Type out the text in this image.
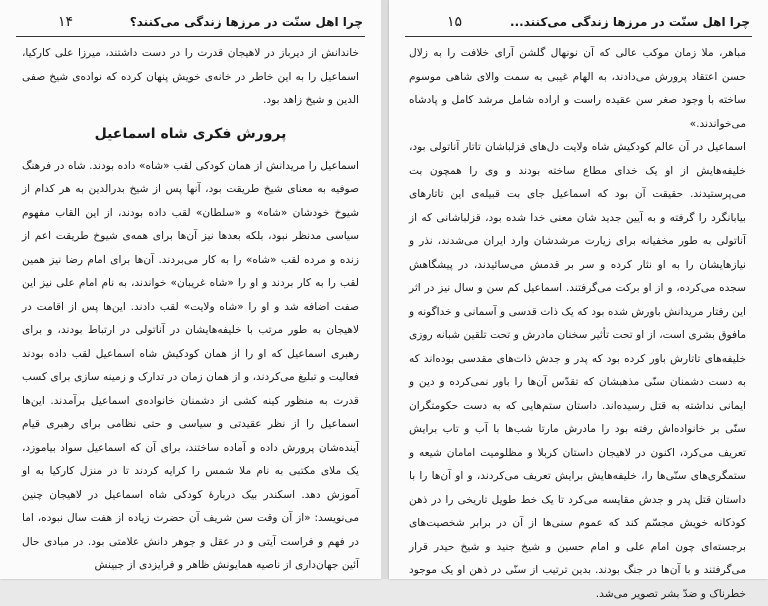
چرا اهل سنّت در مرزها زندگی می‌کنند؟
۱۴

خاندانش از دیرباز در لاهیجان قدرت را در دست داشتند، میرزا علی کارکیا، اسماعیل را به این خاطر در خانه‌ی خویش پنهان کرده که نواده‌ی شیخ صفی الدین و شیخ زاهد بود.

پرورش فکری شاه اسماعیل

اسماعیل را مریدانش از همان کودکی لقب «شاه» داده بودند. شاه در فرهنگ صوفیه به معنای شیخ طریقت بود، آنها پس از شیخ بدرالدین به هر کدام از شیوخ خودشان «شاه» و «سلطان» لقب داده بودند، از این القاب مفهوم سیاسی مدنظر نبود، بلکه بعدها نیز آن‌ها برای همه‌ی شیوخ طریقت اعم از زنده و مرده لقب «شاه» را به کار می‌بردند. آن‌ها برای امام رضا نیز همین لقب را به کار بردند و او را «شاه غریبان» خواندند، به نام امام علی نیز این صفت اضافه شد و او را «شاه ولایت» لقب دادند. این‌ها پس از اقامت در لاهیجان به طور مرتب با خلیفه‌هایشان در آناتولی در ارتباط بودند، و برای رهبری اسماعیل که او را از همان کودکیش شاه اسماعیل لقب داده بودند فعالیت و تبلیغ می‌کردند، و از همان زمان در تدارک و زمینه سازی برای کسب قدرت به منظور کینه کشی از دشمنان خانواده‌ی اسماعیل برآمدند. این‌ها اسماعیل را از نظر عقیدتی و سیاسی و حتی نظامی برای رهبری قیام آینده‌شان پرورش داده و آماده ساختند، برای آن که اسماعیل سواد بیاموزد، یک ملای مکتبی به نام ملا شمس را کرایه کردند تا در منزل کارکیا به او آموزش دهد. اسکندر بیک دربارهٔ کودکی شاه اسماعیل در لاهیجان چنین می‌نویسد: «از آن وقت سن شریف آن حضرت زیاده از هفت سال نبوده، اما در فهم و فراست آیتی و در عقل و جوهر دانش علامتی بود. در مبادی حال آئین جهان‌داری از ناصیه همایونش ظاهر و فرایزدی از جبینش

چرا اهل سنّت در مرزها زندگی می‌کنند...
۱۵

مباهر، ملا زمان موکب عالی که آن نونهال گلشن آرای خلافت را به زلال حسن اعتقاد پرورش می‌دادند، به الهام غیبی به سمت والای شاهی موسوم ساخته با وجود صغر سن عقیده راست و اراده شامل مرشد کامل و پادشاه می‌خواندند.»

اسماعیل در آن عالم کودکیش شاه ولایت دل‌های قزلباشان تاتار آناتولی بود، خلیفه‌هایش از او یک خدای مطاع ساخته بودند و وی را همچون بت می‌پرستیدند. حقیقت آن بود که اسماعیل جای بت قبیله‌ی این تاتارهای بیابانگرد را گرفته و به آیین جدید شان معنی خدا شده بود، قزلباشانی که از آناتولی به طور مخفیانه برای زیارت مرشدشان وارد ایران می‌شدند، نذر و نیازهایشان را به او نثار کرده و سر بر قدمش می‌سائیدند، در پیشگاهش سجده می‌کرده، و از او برکت می‌گرفتند. اسماعیل کم سن و سال نیز در اثر این رفتار مریدانش باورش شده بود که یک ذات قدسی و آسمانی و خداگونه و مافوق بشری است، از او تحت تأثیر سخنان مادرش و تحت تلقین شبانه روزی خلیفه‌های تاتارش باور کرده بود که پدر و جدش ذات‌های مقدسی بوده‌اند که به دست دشمنان سنّی مذهبشان که تقدّس آن‌ها را باور نمی‌کرده و دین و ایمانی نداشته به قتل رسیده‌اند. داستان ستم‌هایی که به دست حکومتگران سنّی بر خانواده‌اش رفته بود را مادرش مارتا شب‌ها با آب و تاب برایش تعریف می‌کرد، اکنون در لاهیجان داستان کربلا و مظلومیت امامان شیعه و ستمگری‌های سنّی‌ها را، خلیفه‌هایش برایش تعریف می‌کردند، و او آن‌ها را با داستان قتل پدر و جدش مقایسه می‌کرد تا یک خط طویل تاریخی را در ذهن کودکانه خویش مجسّم کند که عموم سنی‌ها از آن در برابر شخصیت‌های برجسته‌ای چون امام علی و امام حسین و شیخ جنید و شیخ حیدر قرار می‌گرفتند و با آن‌ها در جنگ بودند. بدین ترتیب از سنّی در ذهن او یک موجود خطرناک و ضدّ بشر تصویر می‌شد.
